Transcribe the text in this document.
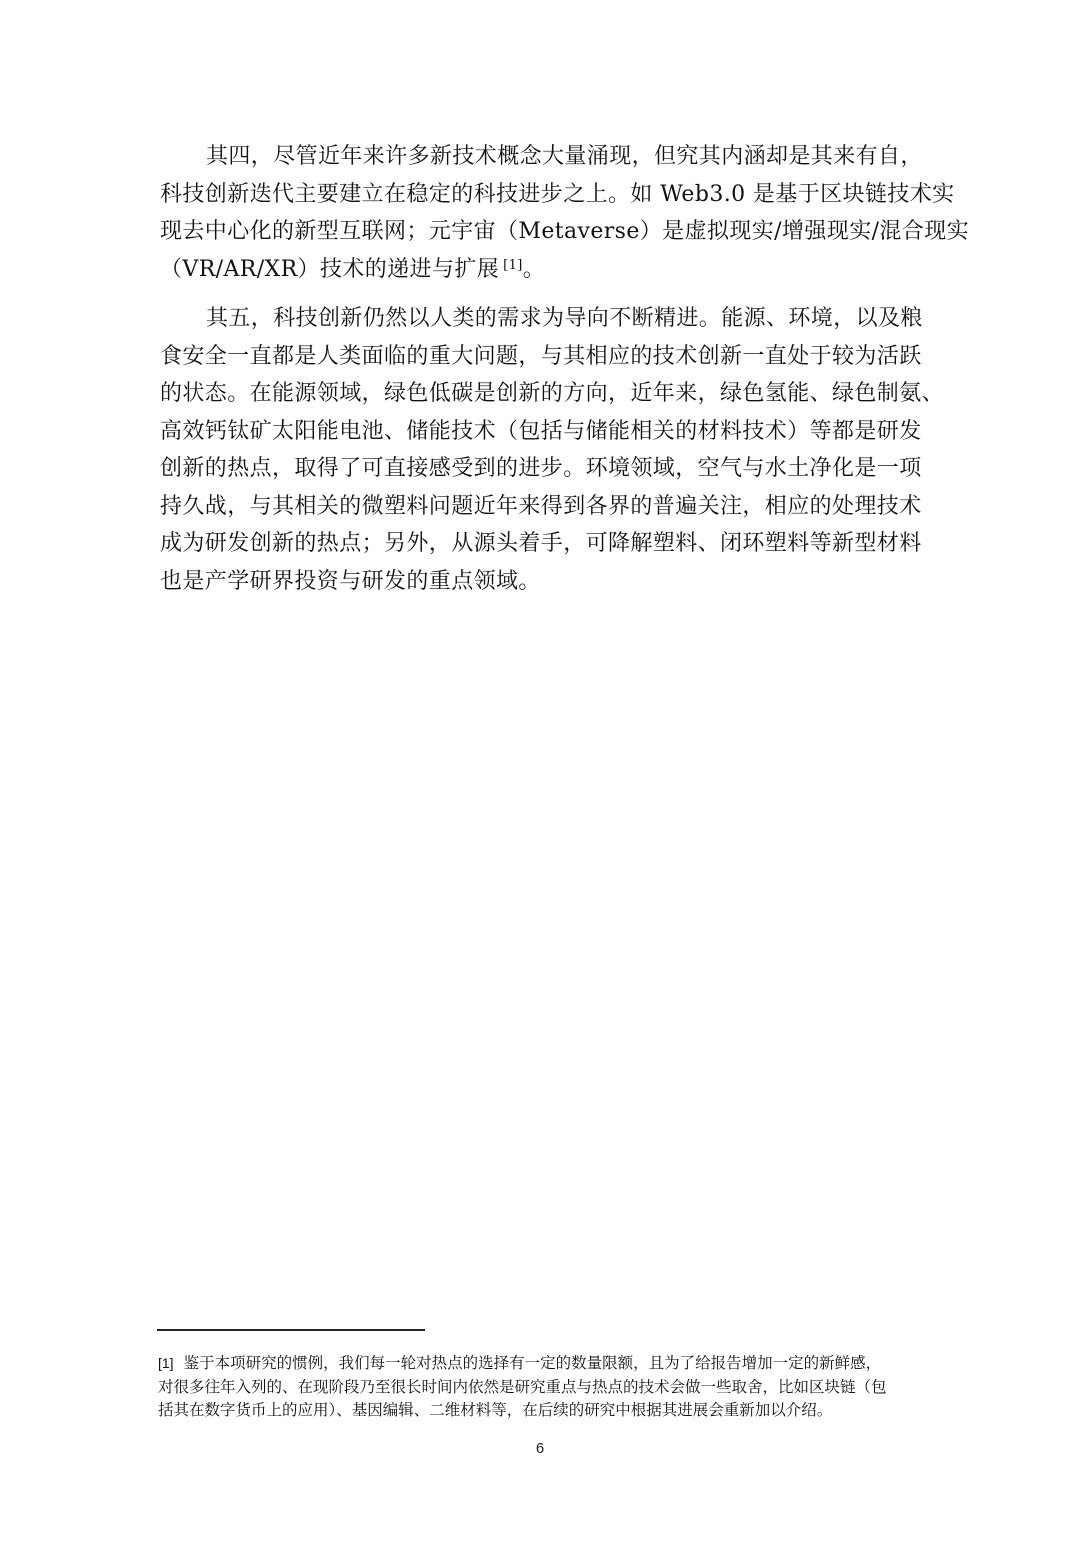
其四，尽管近年来许多新技术概念大量涌现，但究其内涵却是其来有自，
科技创新迭代主要建立在稳定的科技进步之上。如 Web3.0 是基于区块链技术实
现去中心化的新型互联网；元宇宙（Metaverse）是虚拟现实/增强现实/混合现实
（VR/AR/XR）技术的递进与扩展 [1]。

其五，科技创新仍然以人类的需求为导向不断精进。能源、环境，以及粮
食安全一直都是人类面临的重大问题，与其相应的技术创新一直处于较为活跃
的状态。在能源领域，绿色低碳是创新的方向，近年来，绿色氢能、绿色制氨、
高效钙钛矿太阳能电池、储能技术（包括与储能相关的材料技术）等都是研发
创新的热点，取得了可直接感受到的进步。环境领域，空气与水土净化是一项
持久战，与其相关的微塑料问题近年来得到各界的普遍关注，相应的处理技术
成为研发创新的热点；另外，从源头着手，可降解塑料、闭环塑料等新型材料
也是产学研界投资与研发的重点领域。

[1] 鉴于本项研究的惯例，我们每一轮对热点的选择有一定的数量限额，且为了给报告增加一定的新鲜感，
对很多往年入列的、在现阶段乃至很长时间内依然是研究重点与热点的技术会做一些取舍，比如区块链（包
括其在数字货币上的应用）、基因编辑、二维材料等，在后续的研究中根据其进展会重新加以介绍。
6
